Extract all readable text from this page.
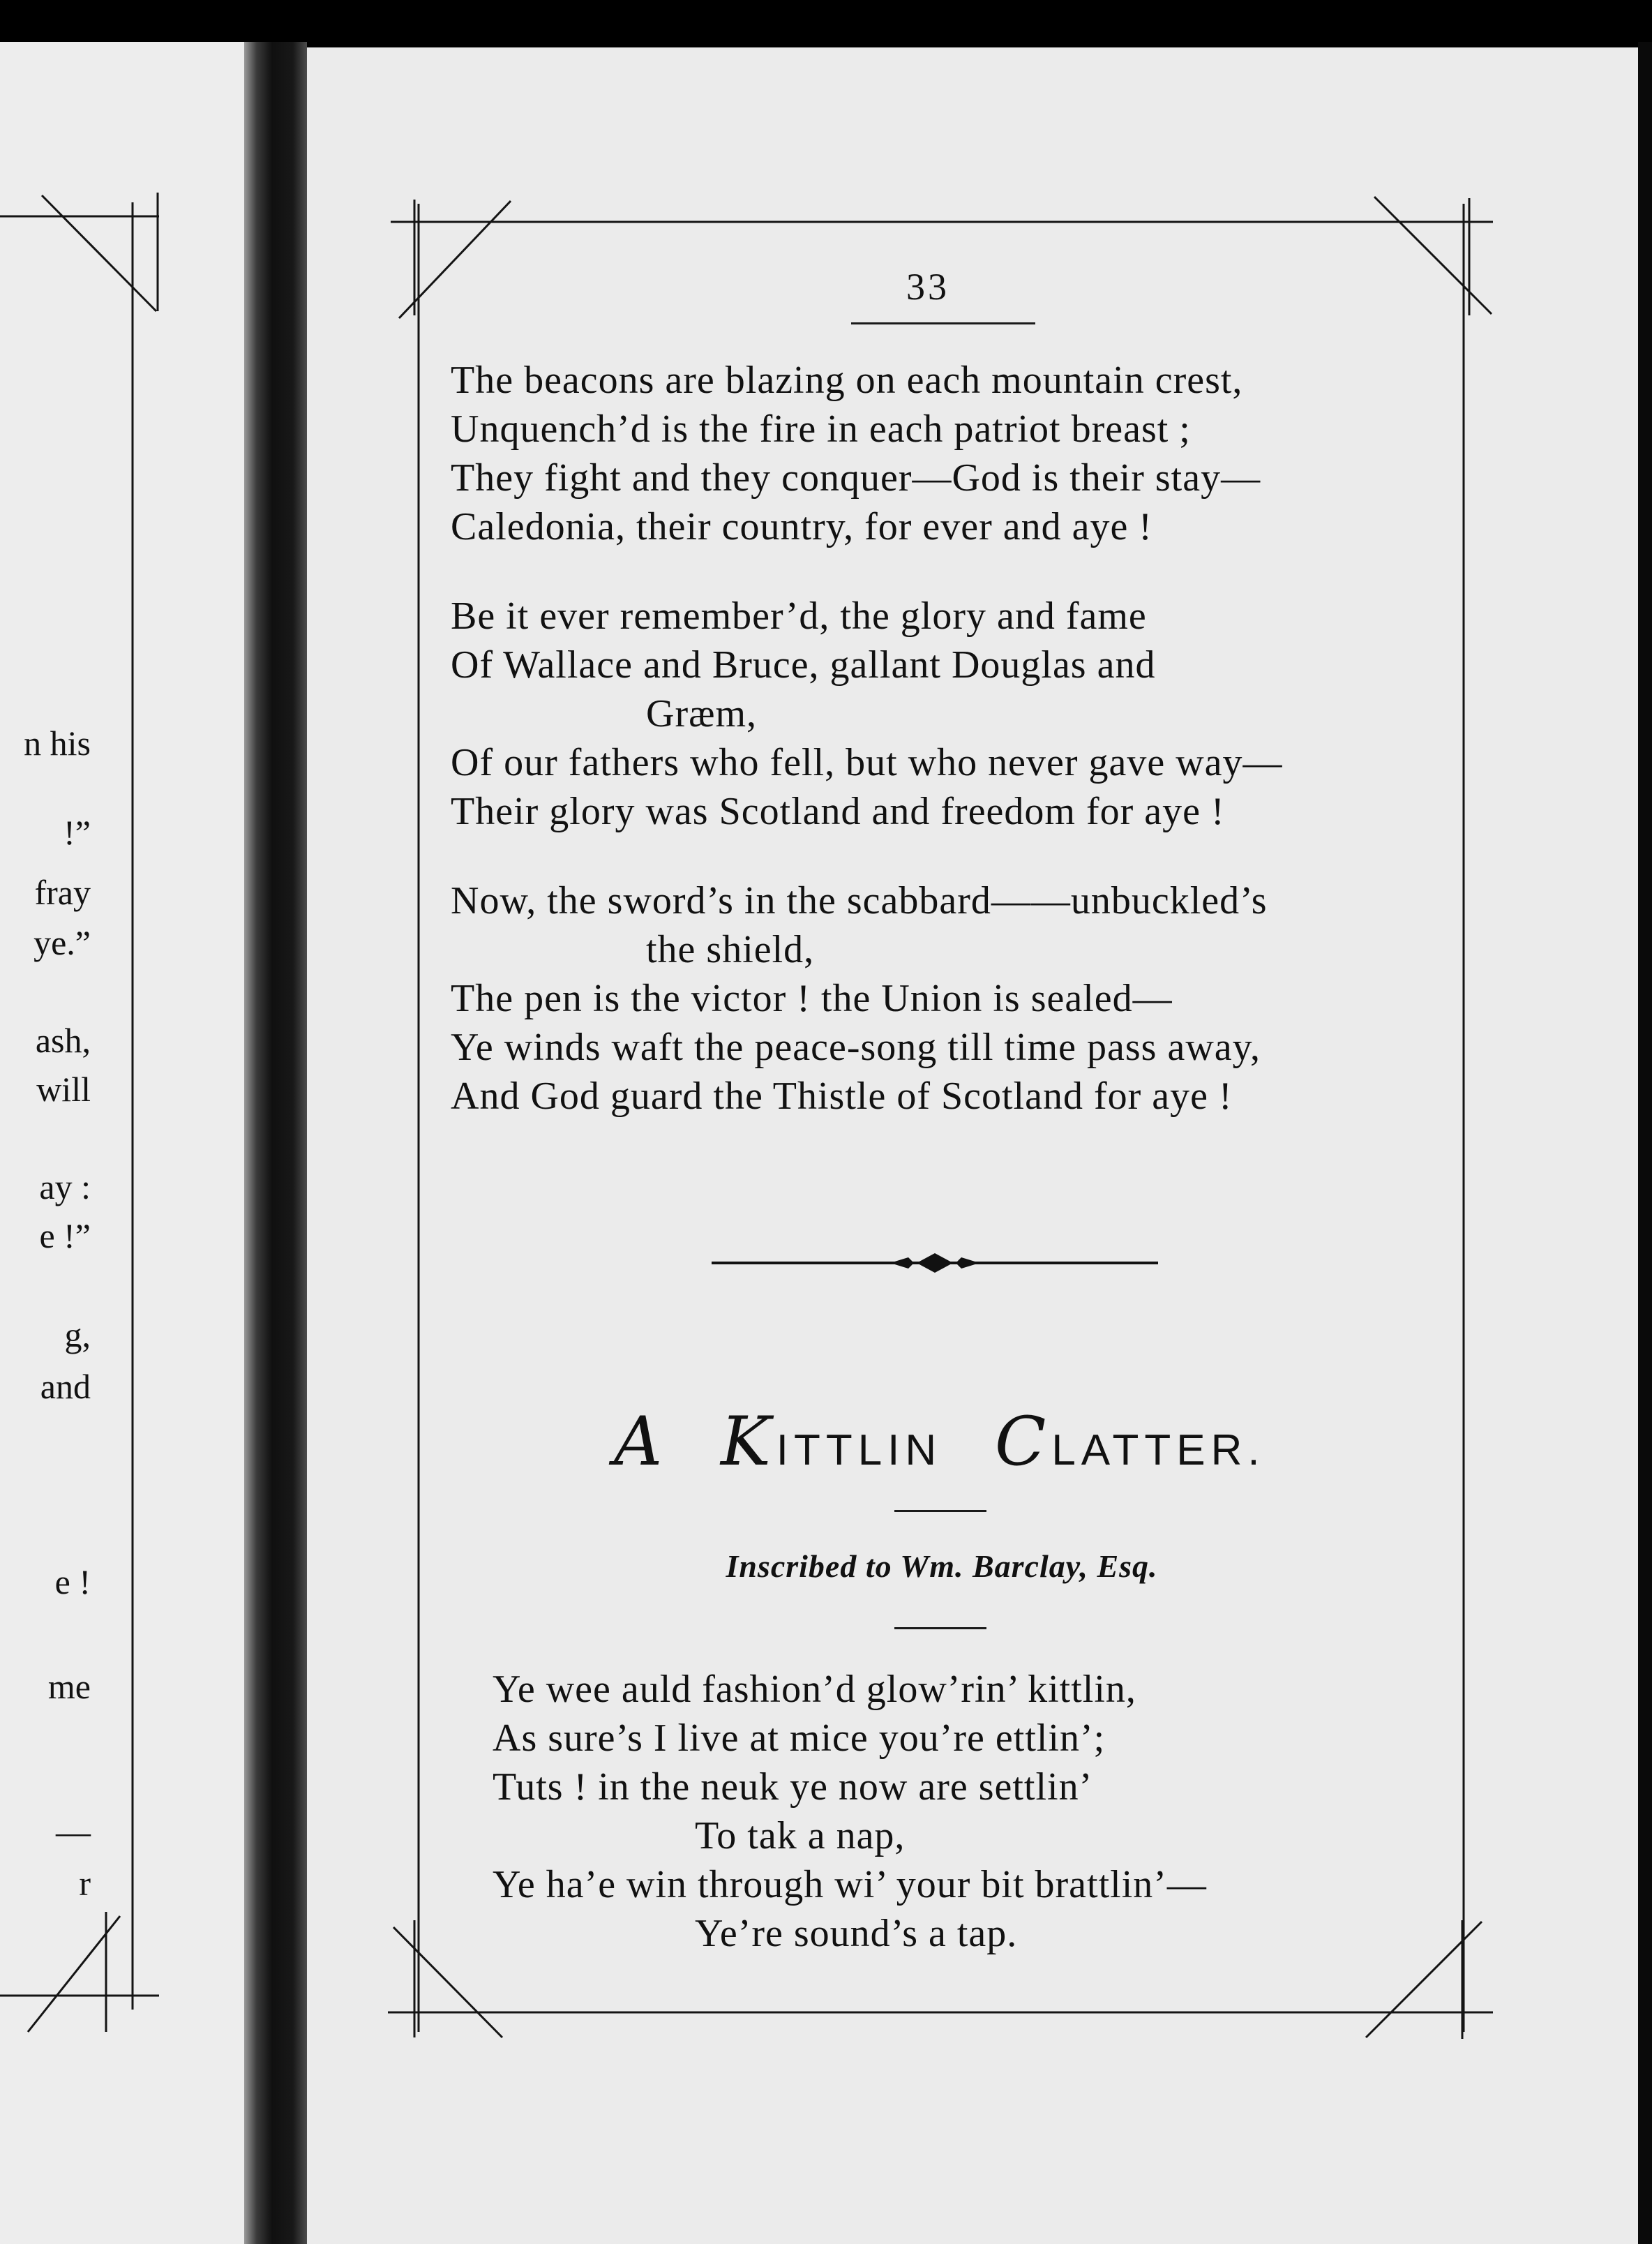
n his
!”
fray
ye.”
ash,
will
ay :
e !”
g,
and
e !
me
—
r
33
The beacons are blazing on each mountain crest,
Unquench’d is the fire in each patriot breast ;
They fight and they conquer—God is their stay—
Caledonia, their country, for ever and aye !
Be it ever remember’d, the glory and fame
Of Wallace and Bruce, gallant Douglas and
Græm,
Of our fathers who fell, but who never gave way—
Their glory was Scotland and freedom for aye !
Now, the sword’s in the scabbard——unbuckled’s
the shield,
The pen is the victor ! the Union is sealed—
Ye winds waft the peace-song till time pass away,
And God guard the Thistle of Scotland for aye !
A KITTLIN CLATTER.
Inscribed to Wm. Barclay, Esq.
Ye wee auld fashion’d glow’rin’ kittlin,
As sure’s I live at mice you’re ettlin’;
Tuts ! in the neuk ye now are settlin’
To tak a nap,
Ye ha’e win through wi’ your bit brattlin’—
Ye’re sound’s a tap.
